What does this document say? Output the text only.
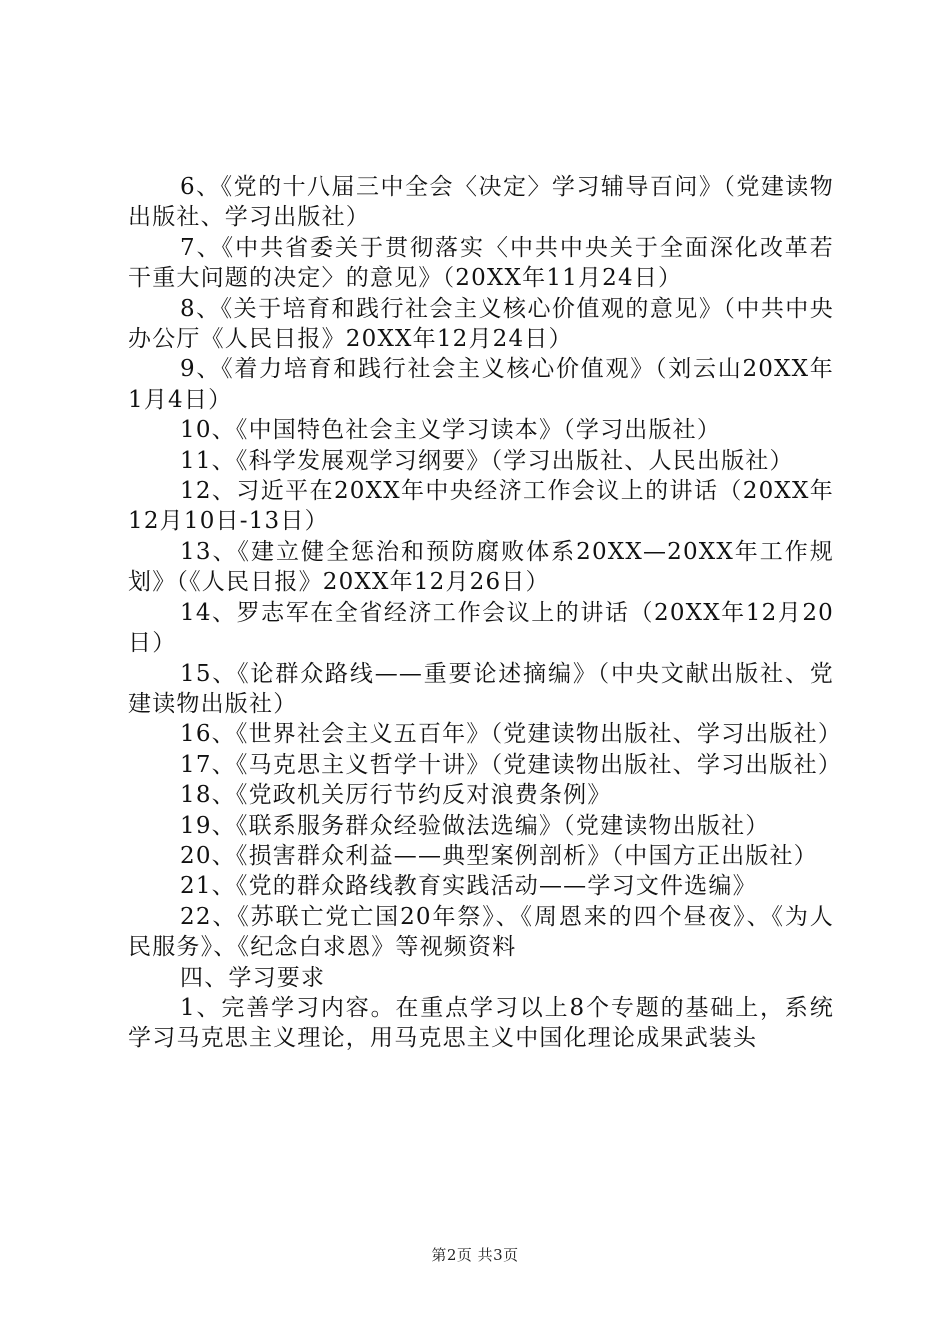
6、《党的十八届三中全会〈决定〉学习辅导百问》（党建读物出版社、学习出版社）

7、《中共省委关于贯彻落实〈中共中央关于全面深化改革若干重大问题的决定〉的意见》（20XX年11月24日）

8、《关于培育和践行社会主义核心价值观的意见》（中共中央办公厅《人民日报》20XX年12月24日）

9、《着力培育和践行社会主义核心价值观》（刘云山20XX年1月4日）

10、《中国特色社会主义学习读本》（学习出版社）

11、《科学发展观学习纲要》（学习出版社、人民出版社）

12、习近平在20XX年中央经济工作会议上的讲话（20XX年12月10日-13日）

13、《建立健全惩治和预防腐败体系20XX—20XX年工作规划》（《人民日报》20XX年12月26日）

14、罗志军在全省经济工作会议上的讲话（20XX年12月20日）

15、《论群众路线——重要论述摘编》（中央文献出版社、党建读物出版社）

16、《世界社会主义五百年》（党建读物出版社、学习出版社）

17、《马克思主义哲学十讲》（党建读物出版社、学习出版社）

18、《党政机关厉行节约反对浪费条例》

19、《联系服务群众经验做法选编》（党建读物出版社）

20、《损害群众利益——典型案例剖析》（中国方正出版社）

21、《党的群众路线教育实践活动——学习文件选编》

22、《苏联亡党亡国20年祭》、《周恩来的四个昼夜》、《为人民服务》、《纪念白求恩》等视频资料

四、学习要求

1、完善学习内容。在重点学习以上8个专题的基础上，系统学习马克思主义理论，用马克思主义中国化理论成果武装头

第2页 共3页
